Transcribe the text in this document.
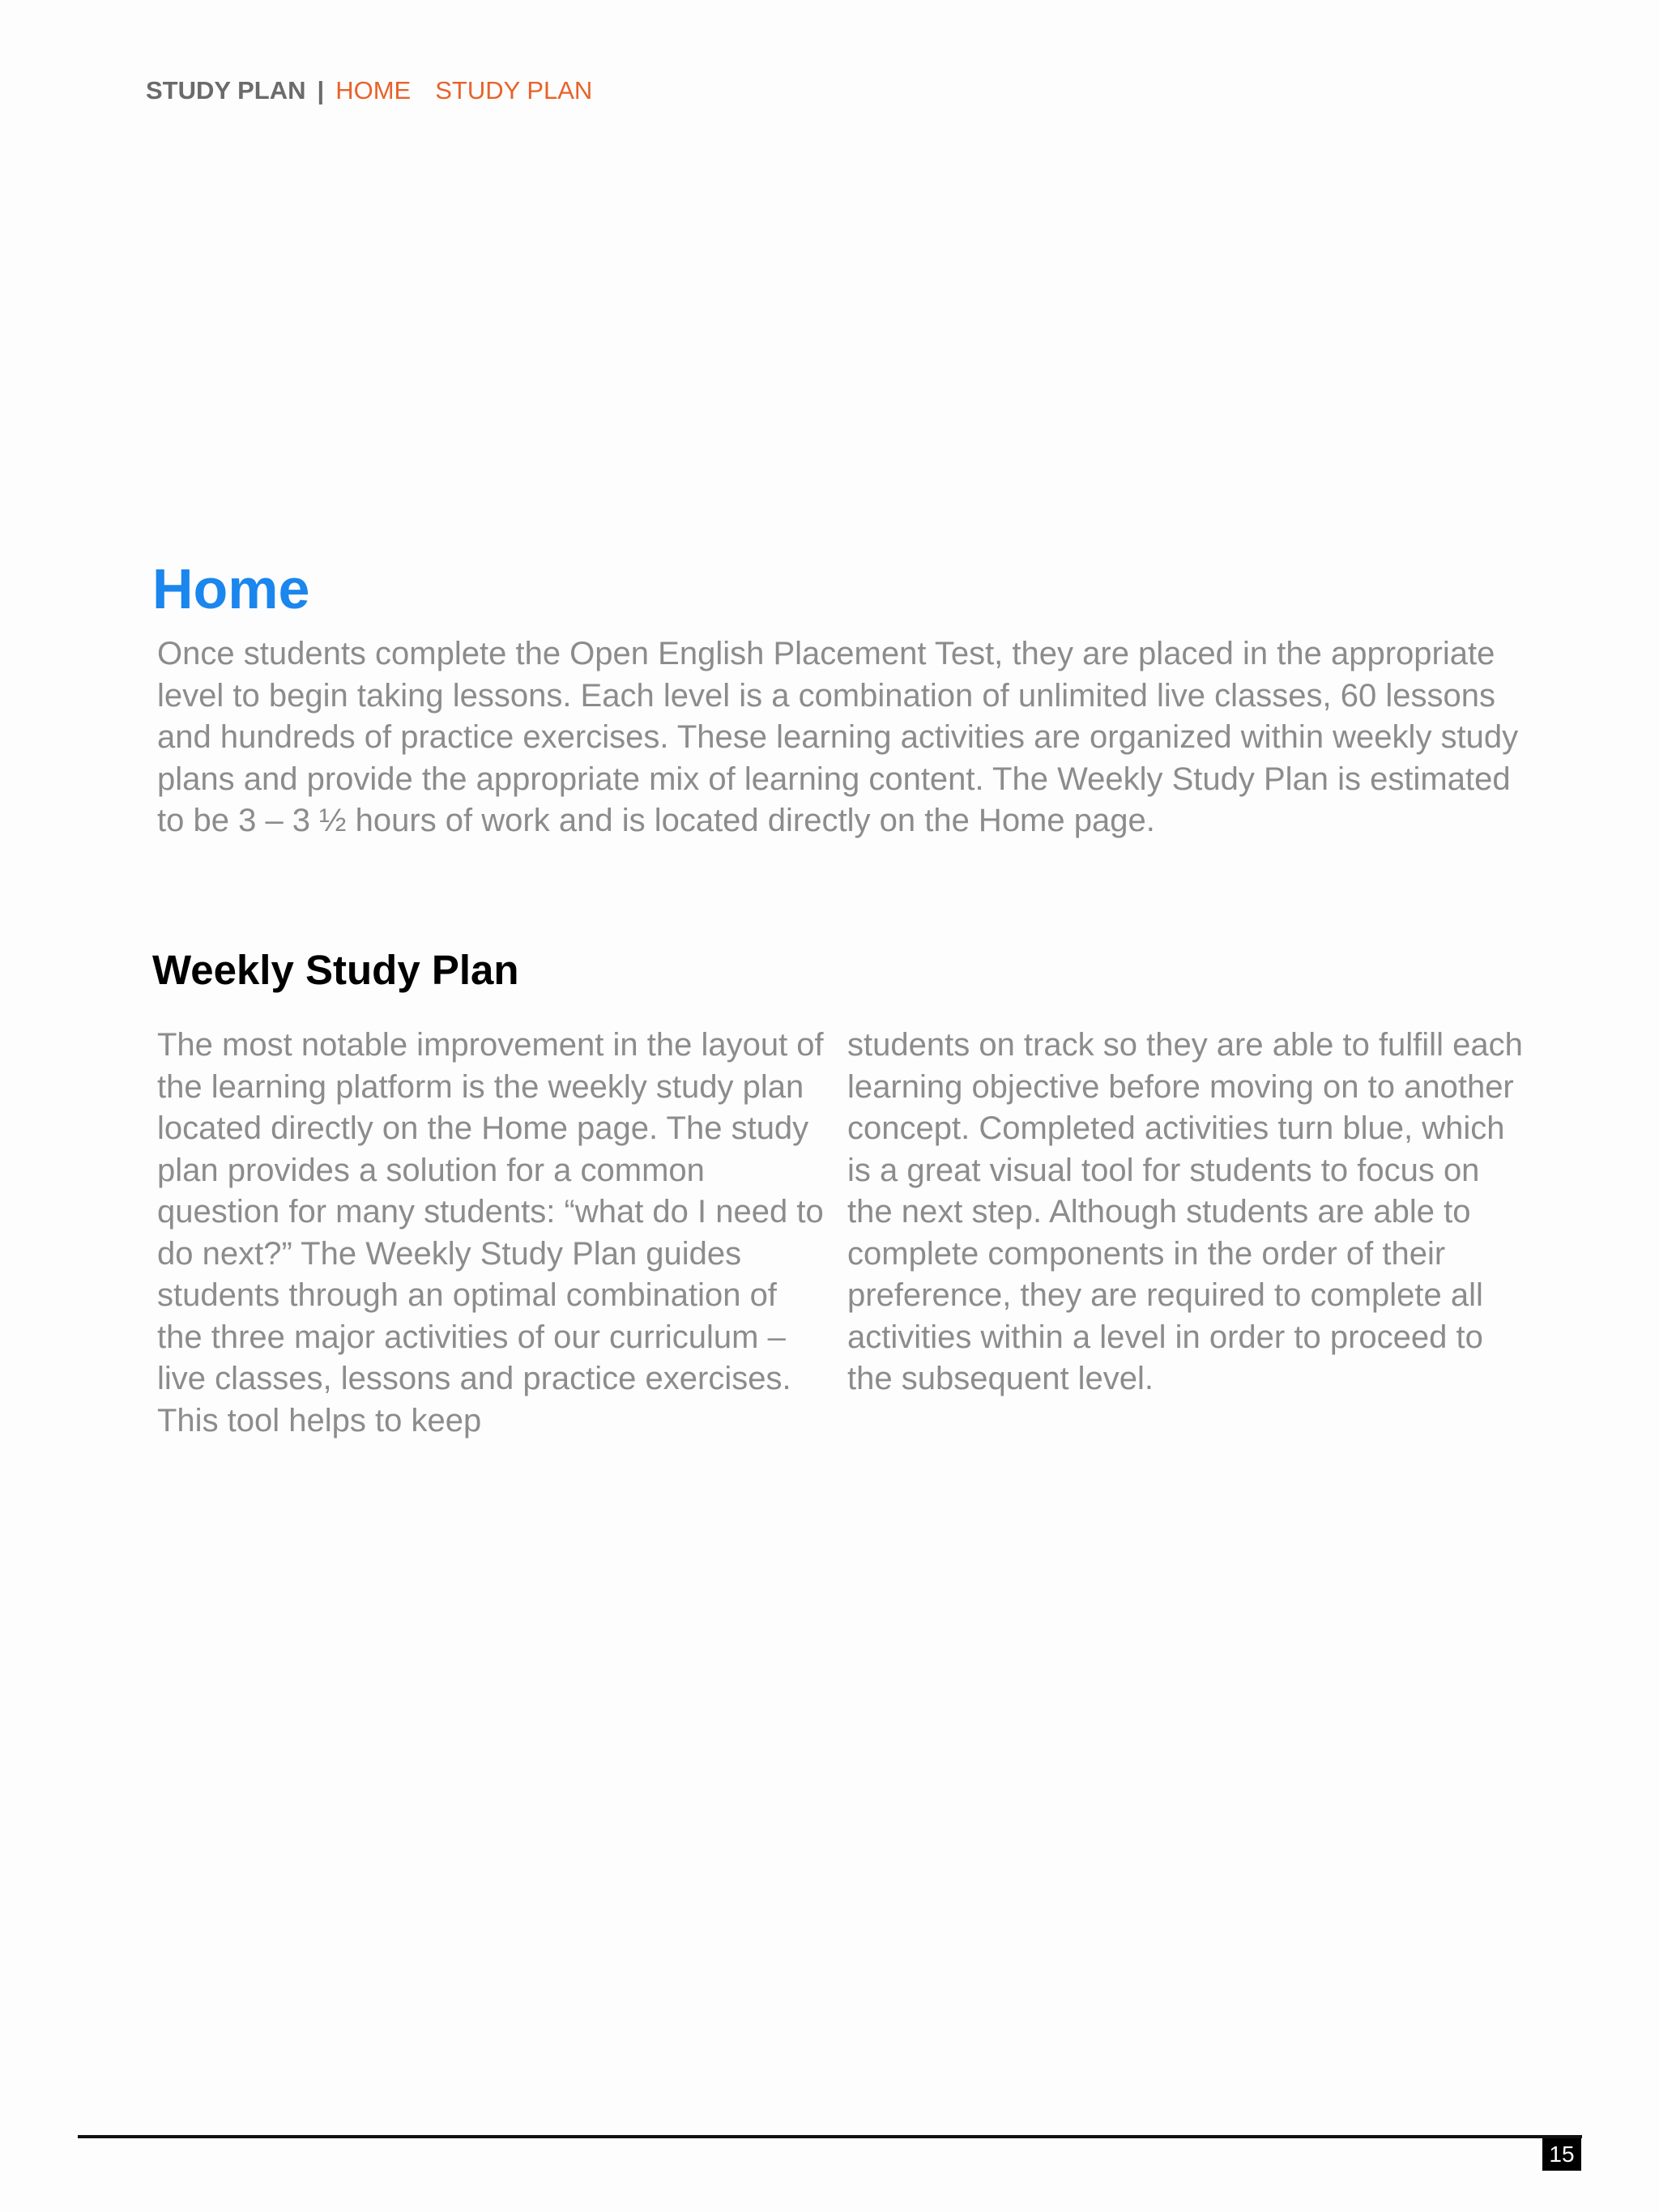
STUDY PLAN | HOME STUDY PLAN
Home

Once students complete the Open English Placement Test, they are placed in the appropriate level to begin taking lessons. Each level is a combination of unlimited live classes, 60 lessons and hundreds of practice exercises. These learning activities are organized within weekly study plans and provide the appropriate mix of learning content. The Weekly Study Plan is estimated to be 3 – 3 ½ hours of work and is located directly on the Home page.

Weekly Study Plan

The most notable improvement in the layout of the learning platform is the weekly study plan located directly on the Home page. The study plan provides a solution for a common question for many students: “what do I need to do next?” The Weekly Study Plan guides students through an optimal combination of the three major activities of our curriculum – live classes, lessons and practice exercises. This tool helps to keep

students on track so they are able to fulfill each learning objective before moving on to another concept. Completed activities turn blue, which is a great visual tool for students to focus on the next step. Although students are able to complete components in the order of their preference, they are required to complete all activities within a level in order to proceed to the subsequent level.

15
